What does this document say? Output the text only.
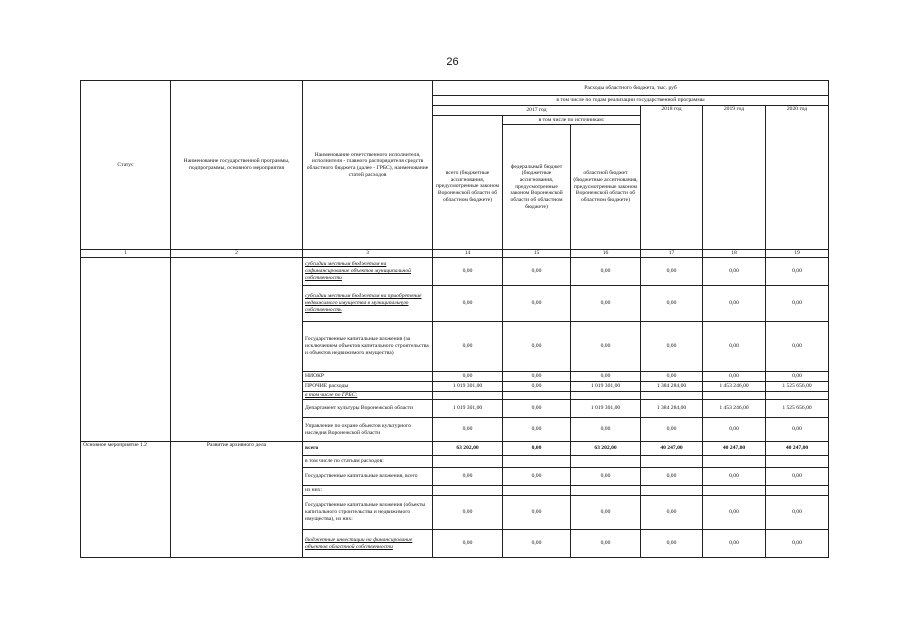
26
Статус	Наименование государственной программы, подпрограммы, основного мероприятия	Наименование ответственного исполнителя, исполнителя - главного распорядителя средств областного бюджета (далее - ГРБС), наименование статей расходов	Расходы областного бюджета, тыс. руб					
			в том числе по годам реализации государственной программы					
			2017 год			2018 год	2019 год	2020 год
				в том числе по источникам:				
			всего (бюджетные ассигнования, предусмотренные законом Воронежской области об областном бюджете)	федеральный бюджет (бюджетные ассигнования, предусмотренные законом Воронежской области об областном бюджете)	областной бюджет (бюджетные ассигнования, предусмотренные законом Воронежской области об областном бюджете)			
1	2	3	14	15	16	17	18	19
		субсидии местным бюджетам на софинансирование объектов муниципальной собственности	0,00	0,00	0,00	0,00	0,00	0,00
		субсидии местным бюджетам на приобретение недвижимого имущества в муниципальную собственность	0,00	0,00	0,00	0,00	0,00	0,00
		Государственные капитальные вложения (за исключением объектов капитального строительства и объектов недвижимого имущества)	0,00	0,00	0,00	0,00	0,00	0,00
		НИОКР	0,00	0,00	0,00	0,00	0,00	0,00
		ПРОЧИЕ расходы	1 019 301,00	0,00	1 019 301,00	1 384 284,00	1 453 246,00	1 525 656,00
		в том числе по ГРБС:						
		Департамент культуры Воронежской области	1 019 301,00	0,00	1 019 301,00	1 384 284,00	1 453 246,00	1 525 656,00
		Управление по охране объектов культурного наследия Воронежской области	0,00	0,00	0,00	0,00	0,00	0,00
Основное мероприятие 1.2	Развитие архивного дела	всего	63 202,00	0,00	63 202,00	40 247,00	40 247,00	40 247,00
		в том числе по статьям расходов:						
		Государственные капитальные вложения, всего	0,00	0,00	0,00	0,00	0,00	0,00
		из них:						
		Государственные капитальные вложения (объекты капитального строительства и недвижимого имущества), из них:	0,00	0,00	0,00	0,00	0,00	0,00
		бюджетные инвестиции на финансирование объектов областной собственности	0,00	0,00	0,00	0,00	0,00	0,00
